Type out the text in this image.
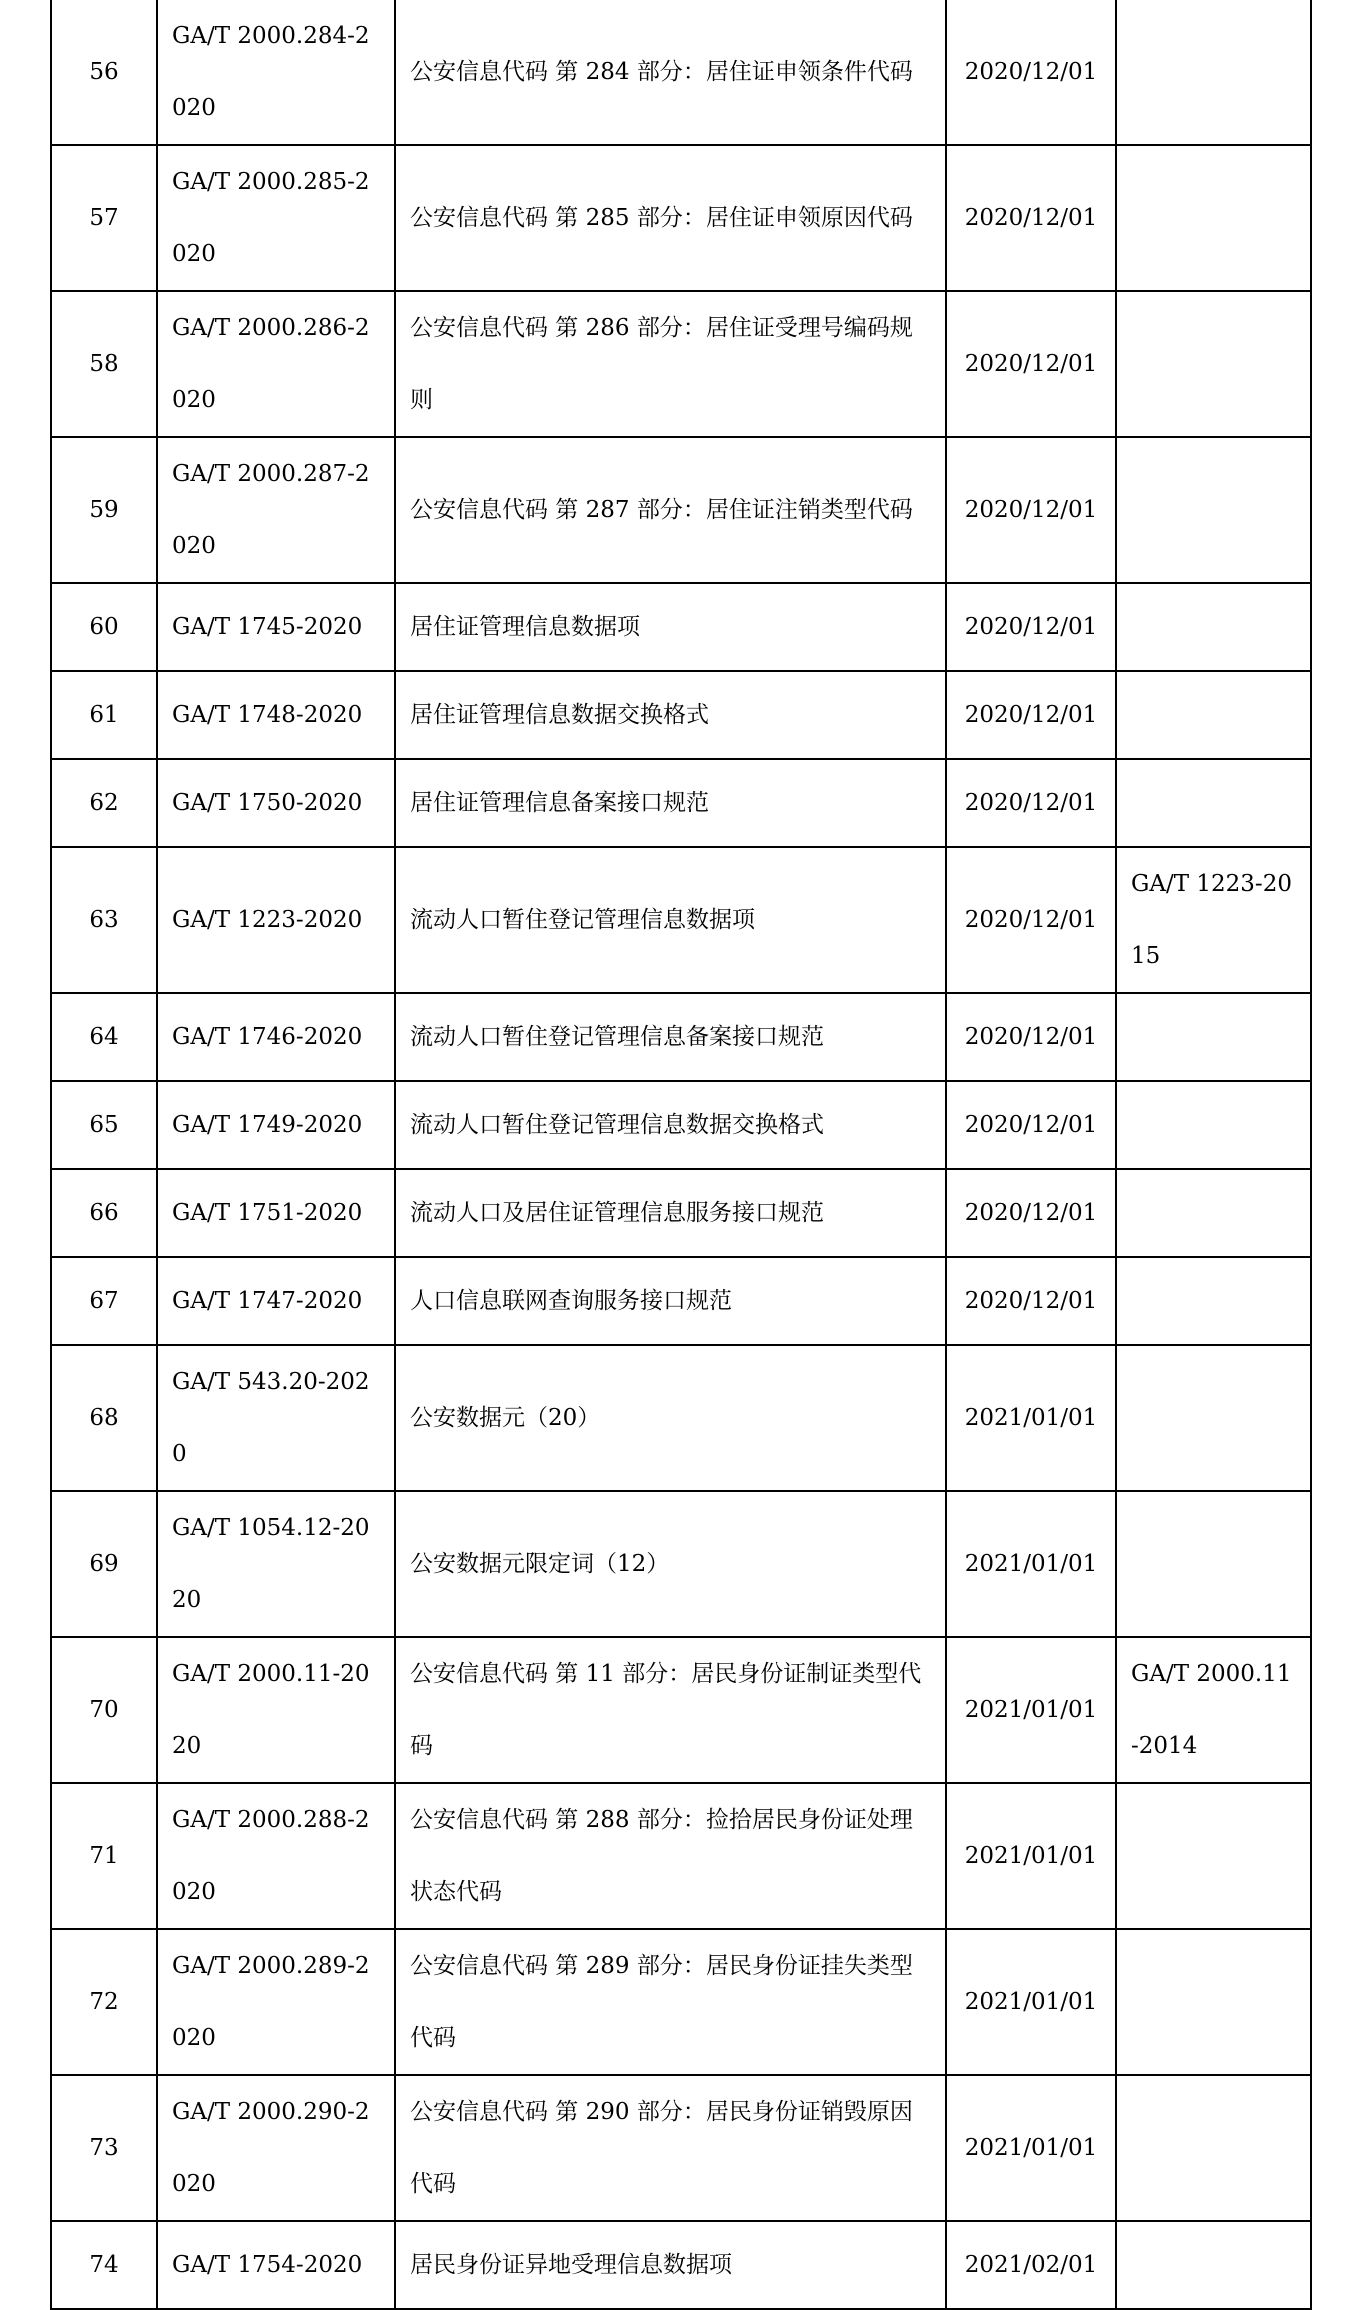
56	GA/T 2000.284-2020	公安信息代码 第 284 部分：居住证申领条件代码	2020/12/01	
57	GA/T 2000.285-2020	公安信息代码 第 285 部分：居住证申领原因代码	2020/12/01	
58	GA/T 2000.286-2020	公安信息代码 第 286 部分：居住证受理号编码规则	2020/12/01	
59	GA/T 2000.287-2020	公安信息代码 第 287 部分：居住证注销类型代码	2020/12/01	
60	GA/T 1745-2020	居住证管理信息数据项	2020/12/01	
61	GA/T 1748-2020	居住证管理信息数据交换格式	2020/12/01	
62	GA/T 1750-2020	居住证管理信息备案接口规范	2020/12/01	
63	GA/T 1223-2020	流动人口暂住登记管理信息数据项	2020/12/01	GA/T 1223-2015
64	GA/T 1746-2020	流动人口暂住登记管理信息备案接口规范	2020/12/01	
65	GA/T 1749-2020	流动人口暂住登记管理信息数据交换格式	2020/12/01	
66	GA/T 1751-2020	流动人口及居住证管理信息服务接口规范	2020/12/01	
67	GA/T 1747-2020	人口信息联网查询服务接口规范	2020/12/01	
68	GA/T 543.20-2020	公安数据元（20）	2021/01/01	
69	GA/T 1054.12-2020	公安数据元限定词（12）	2021/01/01	
70	GA/T 2000.11-2020	公安信息代码 第 11 部分：居民身份证制证类型代码	2021/01/01	GA/T 2000.11-2014
71	GA/T 2000.288-2020	公安信息代码 第 288 部分：捡拾居民身份证处理状态代码	2021/01/01	
72	GA/T 2000.289-2020	公安信息代码 第 289 部分：居民身份证挂失类型代码	2021/01/01	
73	GA/T 2000.290-2020	公安信息代码 第 290 部分：居民身份证销毁原因代码	2021/01/01	
74	GA/T 1754-2020	居民身份证异地受理信息数据项	2021/02/01	
